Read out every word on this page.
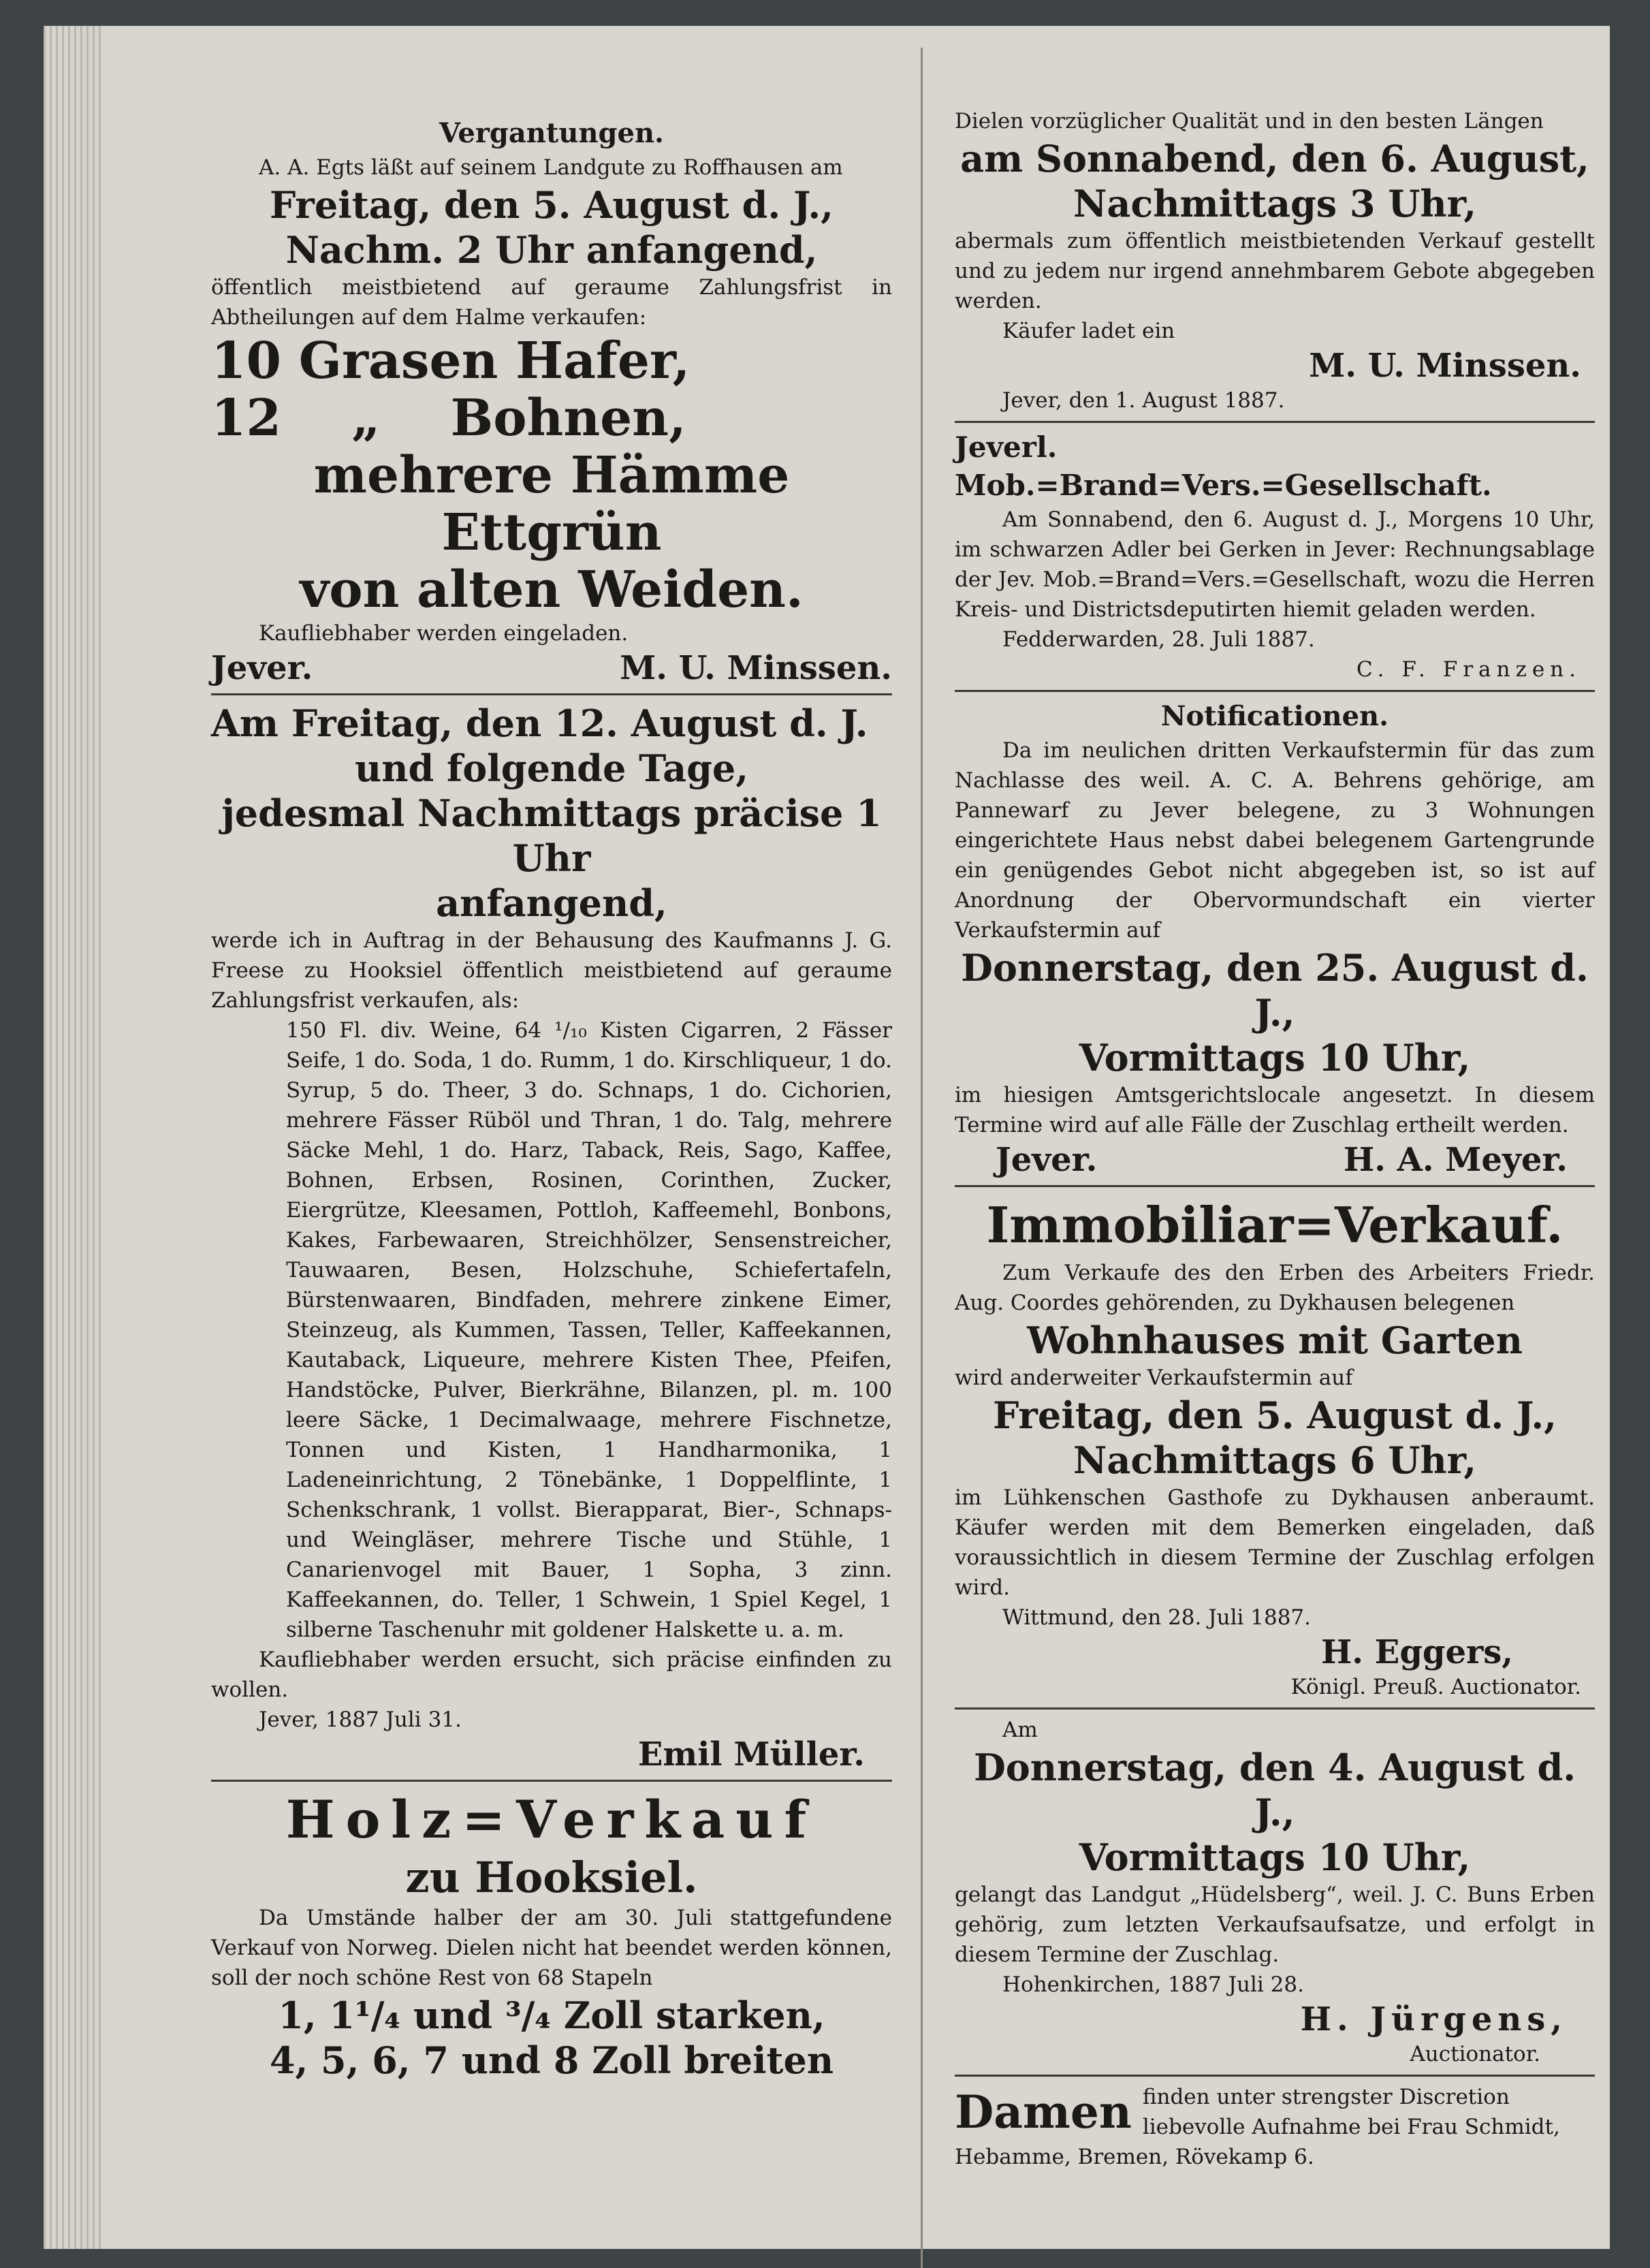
Vergantungen.

A. A. Egts läßt auf seinem Landgute zu Roffhausen am

Freitag, den 5. August d. J.,

Nachm. 2 Uhr anfangend,

öffentlich meistbietend auf geraume Zahlungsfrist in Abtheilungen auf dem Halme verkaufen:

10 Grasen Hafer,

12    „    Bohnen,

mehrere Hämme Ettgrün

von alten Weiden.

Kaufliebhaber werden eingeladen.

Jever.	M. U. Minssen.

Am Freitag, den 12. August d. J.

und folgende Tage,

jedesmal Nachmittags präcise 1 Uhr

anfangend,

werde ich in Auftrag in der Behausung des Kaufmanns J. G. Freese zu Hooksiel öffentlich meistbietend auf geraume Zahlungsfrist verkaufen, als:

150 Fl. div. Weine, 64 ¹/₁₀ Kisten Cigarren, 2 Fässer Seife, 1 do. Soda, 1 do. Rumm, 1 do. Kirschliqueur, 1 do. Syrup, 5 do. Theer, 3 do. Schnaps, 1 do. Cichorien, mehrere Fässer Rüböl und Thran, 1 do. Talg, mehrere Säcke Mehl, 1 do. Harz, Taback, Reis, Sago, Kaffee, Bohnen, Erbsen, Rosinen, Corinthen, Zucker, Eiergrütze, Kleesamen, Pottloh, Kaffeemehl, Bonbons, Kakes, Farbewaaren, Streichhölzer, Sensenstreicher, Tauwaaren, Besen, Holzschuhe, Schiefertafeln, Bürstenwaaren, Bindfaden, mehrere zinkene Eimer, Steinzeug, als Kummen, Tassen, Teller, Kaffeekannen, Kautaback, Liqueure, mehrere Kisten Thee, Pfeifen, Handstöcke, Pulver, Bierkrähne, Bilanzen, pl. m. 100 leere Säcke, 1 Decimalwaage, mehrere Fischnetze, Tonnen und Kisten, 1 Handharmonika, 1 Ladeneinrichtung, 2 Tönebänke, 1 Doppelflinte, 1 Schenkschrank, 1 vollst. Bierapparat, Bier-, Schnaps- und Weingläser, mehrere Tische und Stühle, 1 Canarienvogel mit Bauer, 1 Sopha, 3 zinn. Kaffeekannen, do. Teller, 1 Schwein, 1 Spiel Kegel, 1 silberne Taschenuhr mit goldener Halskette u. a. m.

Kaufliebhaber werden ersucht, sich präcise einfinden zu wollen.

Jever, 1887 Juli 31.

Emil Müller.

Holz=Verkauf

zu Hooksiel.

Da Umstände halber der am 30. Juli stattgefundene Verkauf von Norweg. Dielen nicht hat beendet werden können, soll der noch schöne Rest von 68 Stapeln

1, 1¹/₄ und ³/₄ Zoll starken,

4, 5, 6, 7 und 8 Zoll breiten

Dielen vorzüglicher Qualität und in den besten Längen

am Sonnabend, den 6. August,

Nachmittags 3 Uhr,

abermals zum öffentlich meistbietenden Verkauf gestellt und zu jedem nur irgend annehmbarem Gebote abgegeben werden.

Käufer ladet ein

M. U. Minssen.

Jever, den 1. August 1887.

Jeverl. Mob.=Brand=Vers.=Gesellschaft.

Am Sonnabend, den 6. August d. J., Morgens 10 Uhr, im schwarzen Adler bei Gerken in Jever: Rechnungsablage der Jev. Mob.=Brand=Vers.=Gesellschaft, wozu die Herren Kreis- und Districtsdeputirten hiemit geladen werden.

Fedderwarden, 28. Juli 1887.

C. F. Franzen.

Notificationen.

Da im neulichen dritten Verkaufstermin für das zum Nachlasse des weil. A. C. A. Behrens gehörige, am Pannewarf zu Jever belegene, zu 3 Wohnungen eingerichtete Haus nebst dabei belegenem Gartengrunde ein genügendes Gebot nicht abgegeben ist, so ist auf Anordnung der Obervormundschaft ein vierter Verkaufstermin auf

Donnerstag, den 25. August d. J.,

Vormittags 10 Uhr,

im hiesigen Amtsgerichtslocale angesetzt. In diesem Termine wird auf alle Fälle der Zuschlag ertheilt werden.

Jever.	H. A. Meyer.

Immobiliar=Verkauf.

Zum Verkaufe des den Erben des Arbeiters Friedr. Aug. Coordes gehörenden, zu Dykhausen belegenen

Wohnhauses mit Garten

wird anderweiter Verkaufstermin auf

Freitag, den 5. August d. J.,

Nachmittags 6 Uhr,

im Lühkenschen Gasthofe zu Dykhausen anberaumt. Käufer werden mit dem Bemerken eingeladen, daß voraussichtlich in diesem Termine der Zuschlag erfolgen wird.

Wittmund, den 28. Juli 1887.

H. Eggers,

Königl. Preuß. Auctionator.

Am

Donnerstag, den 4. August d. J.,

Vormittags 10 Uhr,

gelangt das Landgut „Hüdelsberg“, weil. J. C. Buns Erben gehörig, zum letzten Verkaufsaufsatze, und erfolgt in diesem Termine der Zuschlag.

Hohenkirchen, 1887 Juli 28.

H. Jürgens,

Auctionator.

Damen finden unter strengster Discretion

liebevolle Aufnahme bei Frau Schmidt,

Hebamme, Bremen, Rövekamp 6.
